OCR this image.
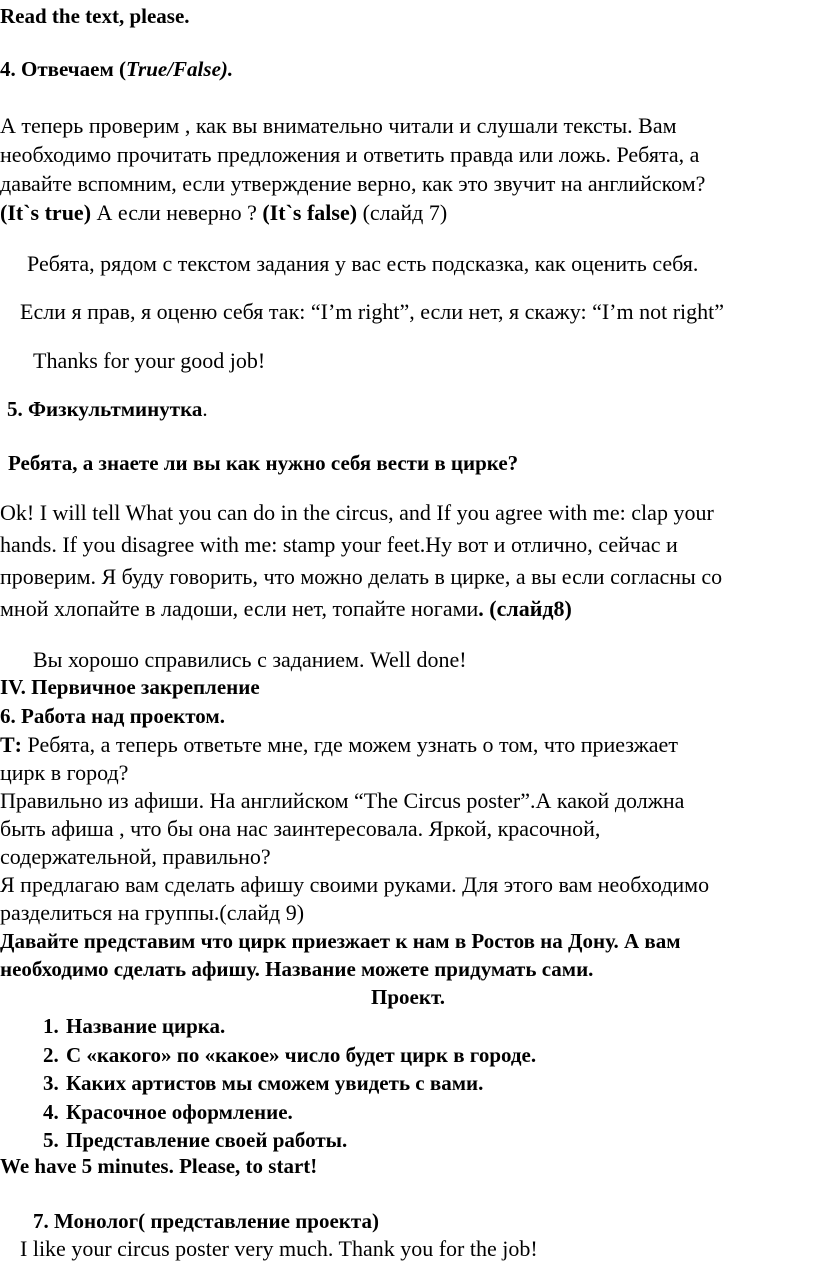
Read the text, please.
4. Отвечаем (True/False).
А теперь проверим , как вы внимательно читали и слушали тексты. Вам
необходимо прочитать предложения и ответить правда или ложь. Ребята, а
давайте вспомним, если утверждение верно, как это звучит на английском?
(It`s true) А если неверно ? (It`s false) (слайд 7)
Ребята, рядом с текстом задания у вас есть подсказка, как оценить себя.
Если я прав, я оценю себя так: “I’m right”, если нет, я скажу: “I’m not right”
Thanks for your good job!
5. Физкультминутка.
Ребята, а знаете ли вы как нужно себя вести в цирке?
Ok! I will tell What you can do in the circus, and If you agree with me: clap your
hands. If you disagree with me: stamp your feet.Ну вот и отлично, сейчас и
проверим. Я буду говорить, что можно делать в цирке, а вы если согласны со
мной хлопайте в ладоши, если нет, топайте ногами. (слайд8)
Вы хорошо справились с заданием. Well done!
IV. Первичное закрепление
6. Работа над проектом.
Т: Ребята, а теперь ответьте мне, где можем узнать о том, что приезжает
цирк в город?
Правильно из афиши. На английском “The Circus poster”.А какой должна
быть афиша , что бы она нас заинтересовала. Яркой, красочной,
содержательной, правильно?
Я предлагаю вам сделать афишу своими руками. Для этого вам необходимо
разделиться на группы.(слайд 9)
Давайте представим что цирк приезжает к нам в Ростов на Дону. А вам
необходимо сделать афишу. Название можете придумать сами.
Проект.
1. Название цирка.
2. С «какого» по «какое» число будет цирк в городе.
3. Каких артистов мы сможем увидеть с вами.
4. Красочное оформление.
5. Представление своей работы.
We have 5 minutes. Please, to start!
7. Монолог( представление проекта)
I like your circus poster very much. Thank you for the job!
